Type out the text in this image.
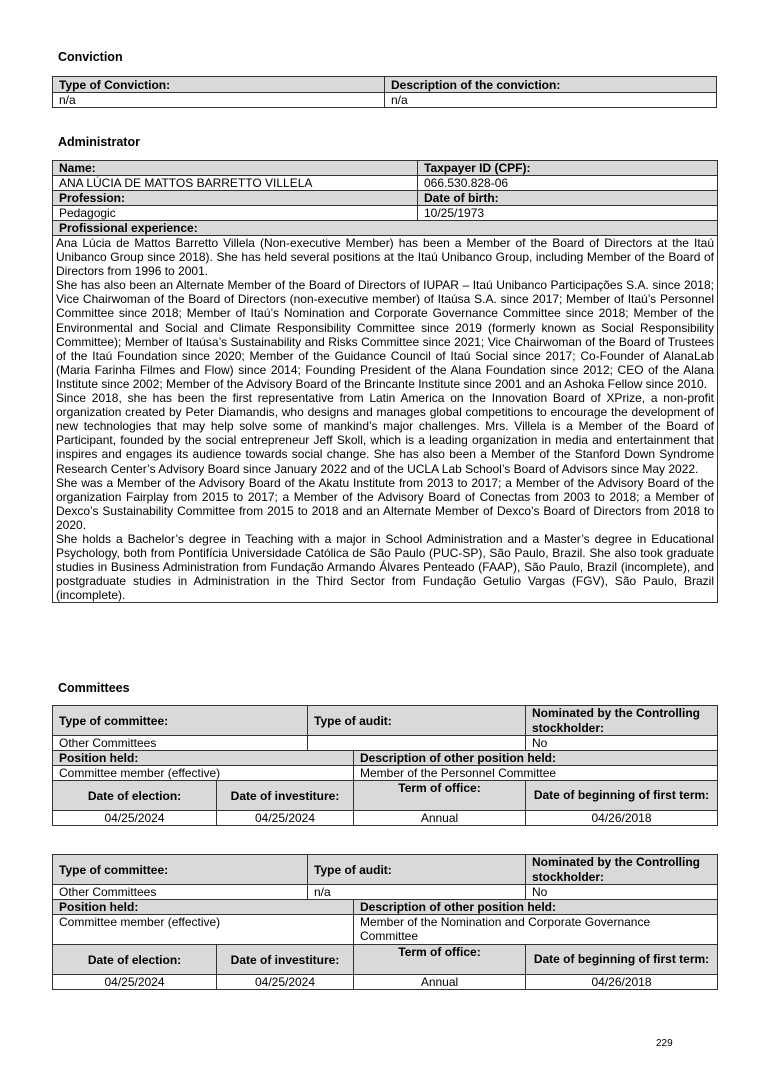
Conviction
Type of Conviction:	Description of the conviction:
n/a	n/a
Administrator
Name:	Taxpayer ID (CPF):
ANA LÚCIA DE MATTOS BARRETTO VILLELA	066.530.828-06
Profession:	Date of birth:
Pedagogic	10/25/1973
Profissional experience:	

Ana Lúcia de Mattos Barretto Villela (Non-executive Member) has been a Member of the Board of Directors at the Itaú Unibanco Group since 2018). She has held several positions at the Itaú Unibanco Group, including Member of the Board of Directors from 1996 to 2001.
She has also been an Alternate Member of the Board of Directors of IUPAR – Itaú Unibanco Participações S.A. since 2018; Vice Chairwoman of the Board of Directors (non-executive member) of Itaúsa S.A. since 2017; Member of Itaú’s Personnel Committee since 2018; Member of Itaú’s Nomination and Corporate Governance Committee since 2018; Member of the Environmental and Social and Climate Responsibility Committee since 2019 (formerly known as Social Responsibility Committee); Member of Itaúsa’s Sustainability and Risks Committee since 2021; Vice Chairwoman of the Board of Trustees of the Itaú Foundation since 2020; Member of the Guidance Council of Itaú Social since 2017; Co-Founder of AlanaLab (Maria Farinha Filmes and Flow) since 2014; Founding President of the Alana Foundation since 2012; CEO of the Alana Institute since 2002; Member of the Advisory Board of the Brincante Institute since 2001 and an Ashoka Fellow since 2010.
Since 2018, she has been the first representative from Latin America on the Innovation Board of XPrize, a non-profit organization created by Peter Diamandis, who designs and manages global competitions to encourage the development of new technologies that may help solve some of mankind’s major challenges. Mrs. Villela is a Member of the Board of Participant, founded by the social entrepreneur Jeff Skoll, which is a leading organization in media and entertainment that inspires and engages its audience towards social change. She has also been a Member of the Stanford Down Syndrome Research Center’s Advisory Board since January 2022 and of the UCLA Lab School’s Board of Advisors since May 2022.
She was a Member of the Advisory Board of the Akatu Institute from 2013 to 2017; a Member of the Advisory Board of the organization Fairplay from 2015 to 2017; a Member of the Advisory Board of Conectas from 2003 to 2018; a Member of Dexco’s Sustainability Committee from 2015 to 2018 and an Alternate Member of Dexco’s Board of Directors from 2018 to 2020.
She holds a Bachelor’s degree in Teaching with a major in School Administration and a Master’s degree in Educational Psychology, both from Pontifícia Universidade Católica de São Paulo (PUC-SP), São Paulo, Brazil. She also took graduate studies in Business Administration from Fundação Armando Álvares Penteado (FAAP), São Paulo, Brazil (incomplete), and postgraduate studies in Administration in the Third Sector from Fundação Getulio Vargas (FGV), São Paulo, Brazil (incomplete).	
Committees
Type of committee:		Type of audit:		Nominated by the Controlling stockholder:
Other Committees				No
Position held:			Description of other position held:	
Committee member (effective)			Member of the Personnel Committee	
Date of election:	Date of investiture:		Term of office:	Date of beginning of first term:
04/25/2024	04/25/2024		Annual	04/26/2018
Type of committee:		Type of audit:		Nominated by the Controlling stockholder:
Other Committees		n/a		No
Position held:			Description of other position held:	
Committee member (effective)			Member of the Nomination and Corporate Governance Committee	
Date of election:	Date of investiture:		Term of office:	Date of beginning of first term:
04/25/2024	04/25/2024		Annual	04/26/2018
229
